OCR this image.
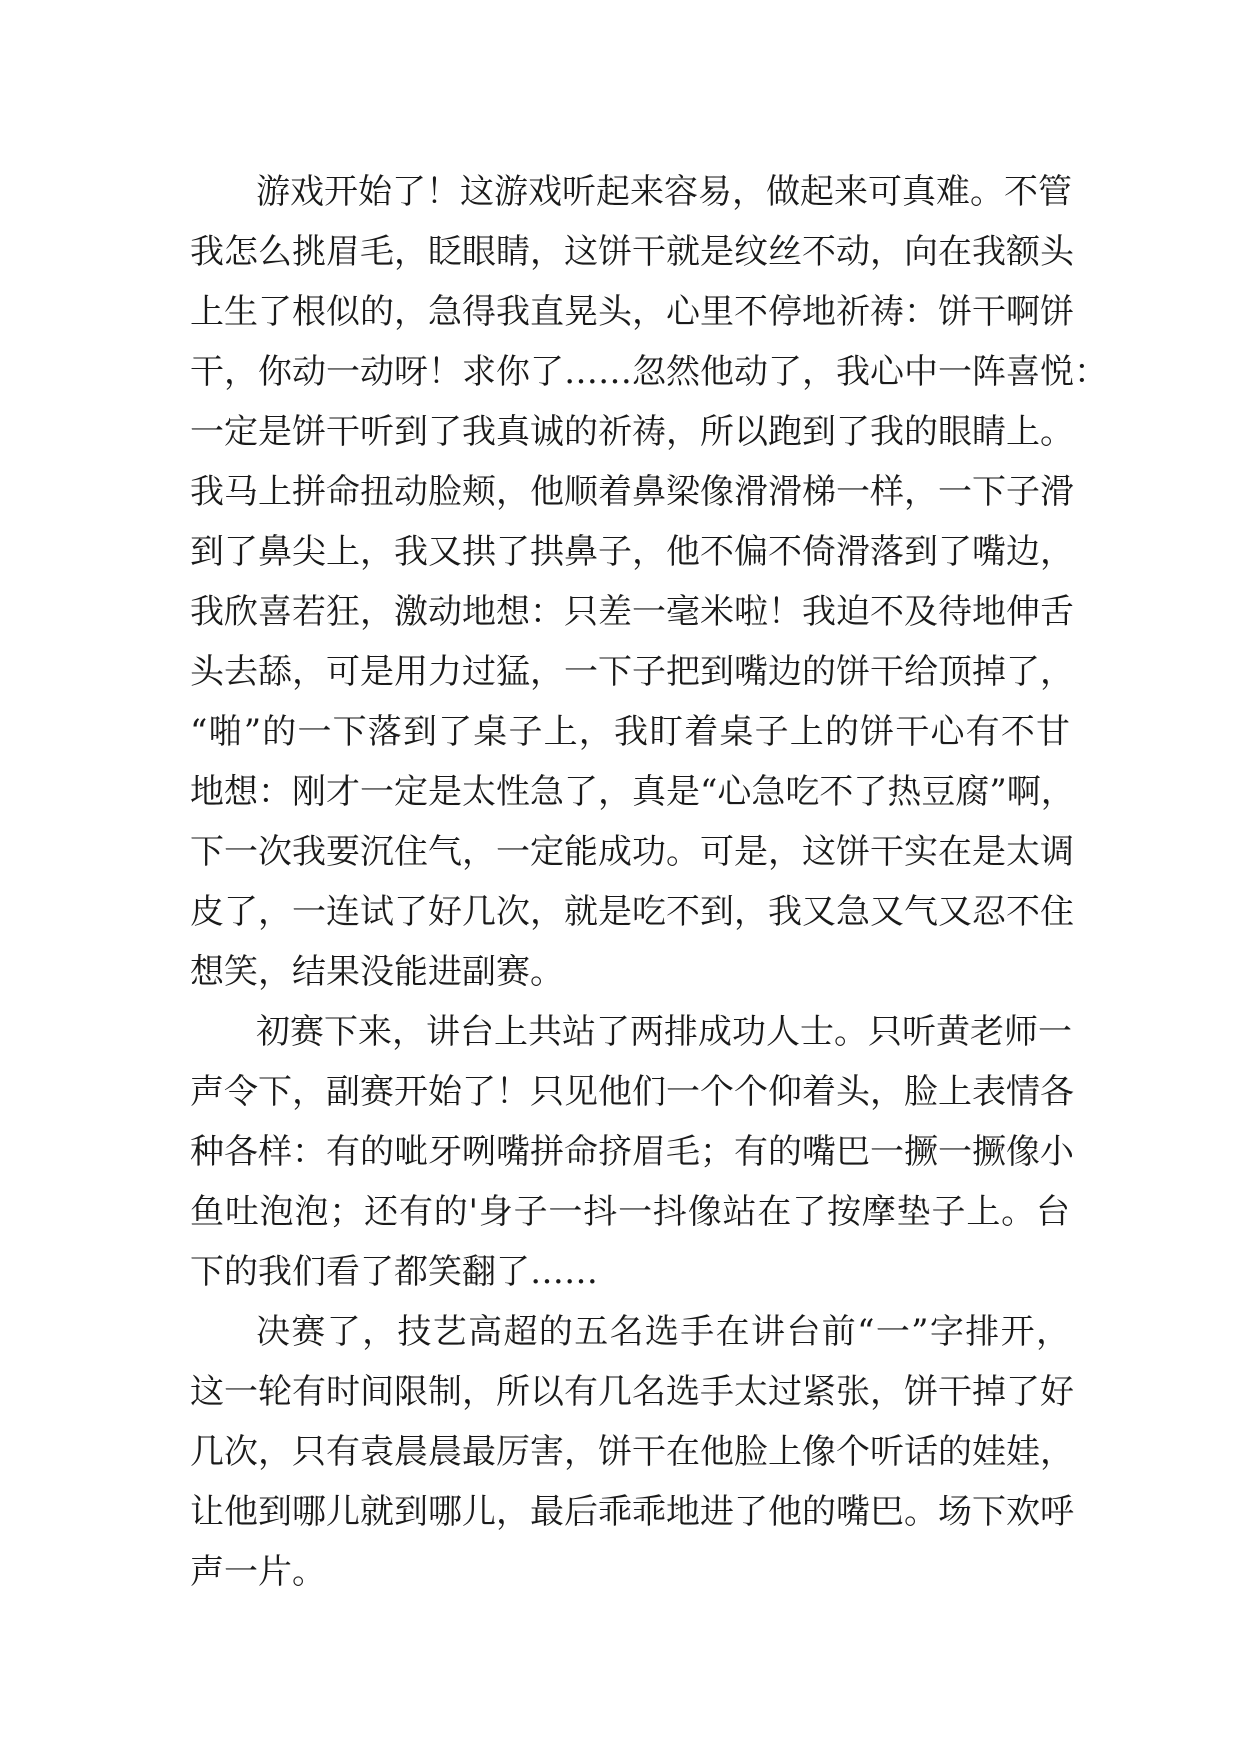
游戏开始了！这游戏听起来容易，做起来可真难。不管
我怎么挑眉毛，眨眼睛，这饼干就是纹丝不动，向在我额头
上生了根似的，急得我直晃头，心里不停地祈祷：饼干啊饼
干，你动一动呀！求你了……忽然他动了，我心中一阵喜悦：
一定是饼干听到了我真诚的祈祷，所以跑到了我的眼睛上。
我马上拼命扭动脸颊，他顺着鼻梁像滑滑梯一样，一下子滑
到了鼻尖上，我又拱了拱鼻子，他不偏不倚滑落到了嘴边，
我欣喜若狂，激动地想：只差一毫米啦！我迫不及待地伸舌
头去舔，可是用力过猛，一下子把到嘴边的饼干给顶掉了，
“啪”的一下落到了桌子上，我盯着桌子上的饼干心有不甘
地想：刚才一定是太性急了，真是“心急吃不了热豆腐”啊，
下一次我要沉住气，一定能成功。可是，这饼干实在是太调
皮了，一连试了好几次，就是吃不到，我又急又气又忍不住
想笑，结果没能进副赛。
初赛下来，讲台上共站了两排成功人士。只听黄老师一
声令下，副赛开始了！只见他们一个个仰着头，脸上表情各
种各样：有的呲牙咧嘴拼命挤眉毛；有的嘴巴一撅一撅像小
鱼吐泡泡；还有的'身子一抖一抖像站在了按摩垫子上。台
下的我们看了都笑翻了……
决赛了，技艺高超的五名选手在讲台前“一”字排开，
这一轮有时间限制，所以有几名选手太过紧张，饼干掉了好
几次，只有袁晨晨最厉害，饼干在他脸上像个听话的娃娃，
让他到哪儿就到哪儿，最后乖乖地进了他的嘴巴。场下欢呼
声一片。
